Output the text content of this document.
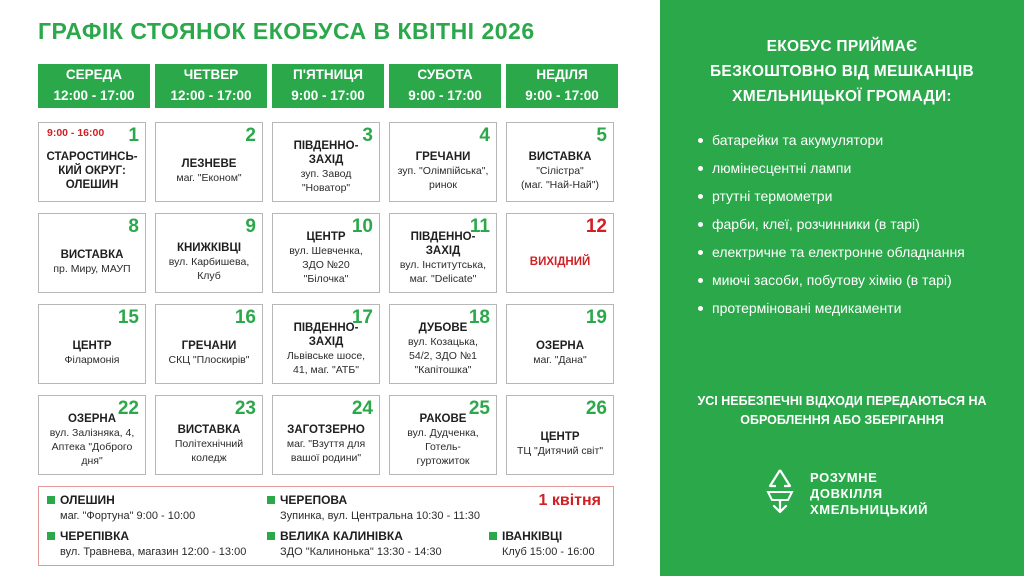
ГРАФІК СТОЯНОК ЕКОБУСА В КВІТНІ 2026
СЕРЕДА
12:00 - 17:00
ЧЕТВЕР
12:00 - 17:00
П'ЯТНИЦЯ
9:00 - 17:00
СУБОТА
9:00 - 17:00
НЕДІЛЯ
9:00 - 17:00
1
9:00 - 16:00
СТАРОСТИНСЬ-
КИЙ ОКРУГ:
ОЛЕШИН
2
ЛЕЗНЕВЕ
маг. "Економ"
3
ПІВДЕННО-
ЗАХІД
зуп. Завод
"Новатор"
4
ГРЕЧАНИ
зуп. "Олімпійська",
ринок
5
ВИСТАВКА
"Сілістра"
(маг. "Най-Най")
8
ВИСТАВКА
пр. Миру, МАУП
9
КНИЖКІВЦІ
вул. Карбишева,
Клуб
10
ЦЕНТР
вул. Шевченка,
ЗДО №20
"Білочка"
11
ПІВДЕННО-
ЗАХІД
вул. Інститутська,
маг. "Delicate"
12
ВИХІДНИЙ
15
ЦЕНТР
Філармонія
16
ГРЕЧАНИ
СКЦ "Плоскирів"
17
ПІВДЕННО-
ЗАХІД
Львівське шосе,
41, маг. "АТБ"
18
ДУБОВЕ
вул. Козацька,
54/2, ЗДО №1
"Капітошка"
19
ОЗЕРНА
маг. "Дана"
22
ОЗЕРНА
вул. Залізняка, 4,
Аптека "Доброго
дня"
23
ВИСТАВКА
Політехнічний
коледж
24
ЗАГОТЗЕРНО
маг. "Взуття для
вашої родини"
25
РАКОВЕ
вул. Дудченка,
Готель-
гуртожиток
26
ЦЕНТР
ТЦ "Дитячий світ"
1 квітня
ОЛЕШИН
маг. "Фортуна" 9:00 - 10:00
ЧЕРЕПОВА
Зупинка, вул. Центральна 10:30 - 11:30
ЧЕРЕПІВКА
вул. Травнева, магазин 12:00 - 13:00
ВЕЛИКА КАЛИНІВКА
ЗДО "Калинонька" 13:30 - 14:30
ІВАНКІВЦІ
Клуб 15:00 - 16:00
ЕКОБУС ПРИЙМАЄ
БЕЗКОШТОВНО ВІД МЕШКАНЦІВ
ХМЕЛЬНИЦЬКОЇ ГРОМАДИ:
батарейки та акумулятори
люмінесцентні лампи
ртутні термометри
фарби, клеї, розчинники (в тарі)
електричне та електронне обладнання
миючі засоби, побутову хімію (в тарі)
протерміновані медикаменти
УСІ НЕБЕЗПЕЧНІ ВІДХОДИ ПЕРЕДАЮТЬСЯ НА
ОБРОБЛЕННЯ АБО ЗБЕРІГАННЯ
РОЗУМНЕ
ДОВКІЛЛЯ
ХМЕЛЬНИЦЬКИЙ
